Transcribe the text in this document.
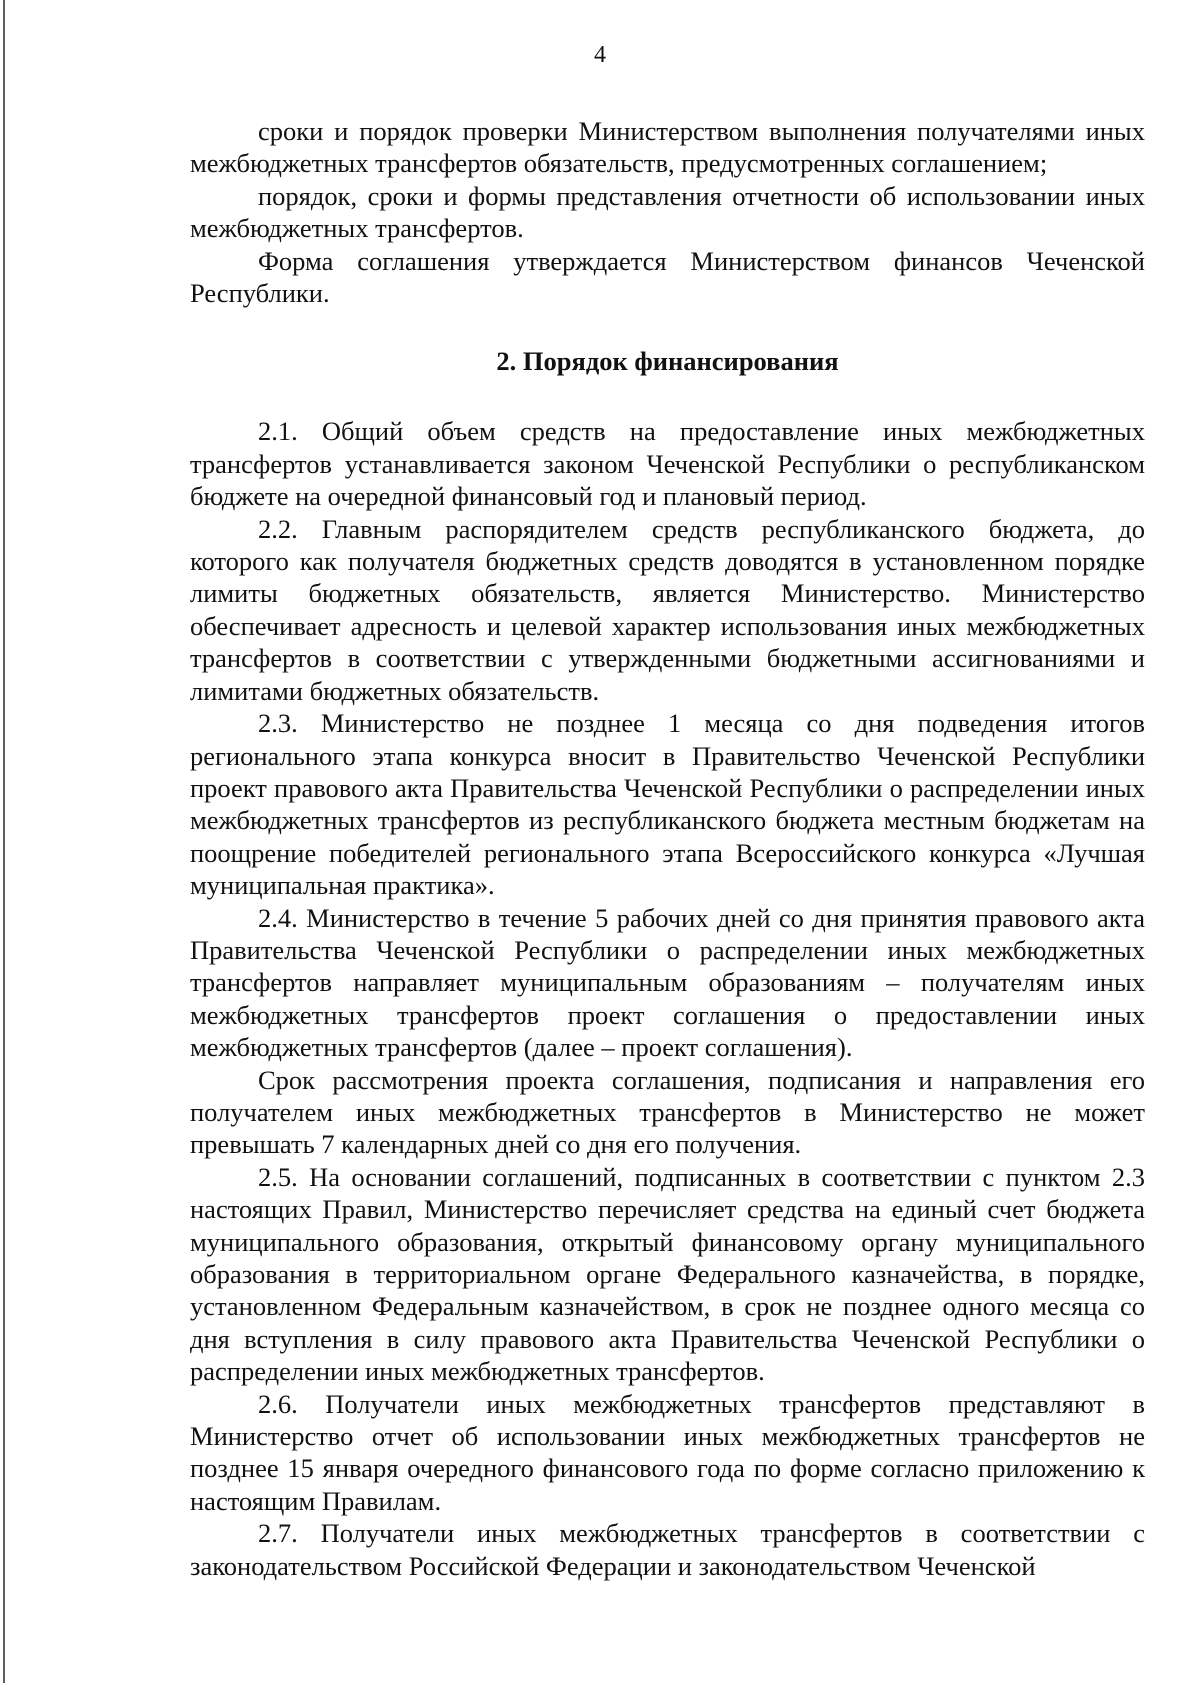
4

сроки и порядок проверки Министерством выполнения получателями иных межбюджетных трансфертов обязательств, предусмотренных соглашением;

порядок, сроки и формы представления отчетности об использовании иных межбюджетных трансфертов.

Форма соглашения утверждается Министерством финансов Чеченской Республики.

2. Порядок финансирования

2.1. Общий объем средств на предоставление иных межбюджетных трансфертов устанавливается законом Чеченской Республики о республиканском бюджете на очередной финансовый год и плановый период.

2.2. Главным распорядителем средств республиканского бюджета, до которого как получателя бюджетных средств доводятся в установленном порядке лимиты бюджетных обязательств, является Министерство. Министерство обеспечивает адресность и целевой характер использования иных межбюджетных трансфертов в соответствии с утвержденными бюджетными ассигнованиями и лимитами бюджетных обязательств.

2.3. Министерство не позднее 1 месяца со дня подведения итогов регионального этапа конкурса вносит в Правительство Чеченской Республики проект правового акта Правительства Чеченской Республики о распределении иных межбюджетных трансфертов из республиканского бюджета местным бюджетам на поощрение победителей регионального этапа Всероссийского конкурса «Лучшая муниципальная практика».

2.4. Министерство в течение 5 рабочих дней со дня принятия правового акта Правительства Чеченской Республики о распределении иных межбюджетных трансфертов направляет муниципальным образованиям – получателям иных межбюджетных трансфертов проект соглашения о предоставлении иных межбюджетных трансфертов (далее – проект соглашения).

Срок рассмотрения проекта соглашения, подписания и направления его получателем иных межбюджетных трансфертов в Министерство не может превышать 7 календарных дней со дня его получения.

2.5. На основании соглашений, подписанных в соответствии с пунктом 2.3 настоящих Правил, Министерство перечисляет средства на единый счет бюджета муниципального образования, открытый финансовому органу муниципального образования в территориальном органе Федерального казначейства, в порядке, установленном Федеральным казначейством, в срок не позднее одного месяца со дня вступления в силу правового акта Правительства Чеченской Республики о распределении иных межбюджетных трансфертов.

2.6. Получатели иных межбюджетных трансфертов представляют в Министерство отчет об использовании иных межбюджетных трансфертов не позднее 15 января очередного финансового года по форме согласно приложению к настоящим Правилам.

2.7. Получатели иных межбюджетных трансфертов в соответствии с законодательством Российской Федерации и законодательством Чеченской
